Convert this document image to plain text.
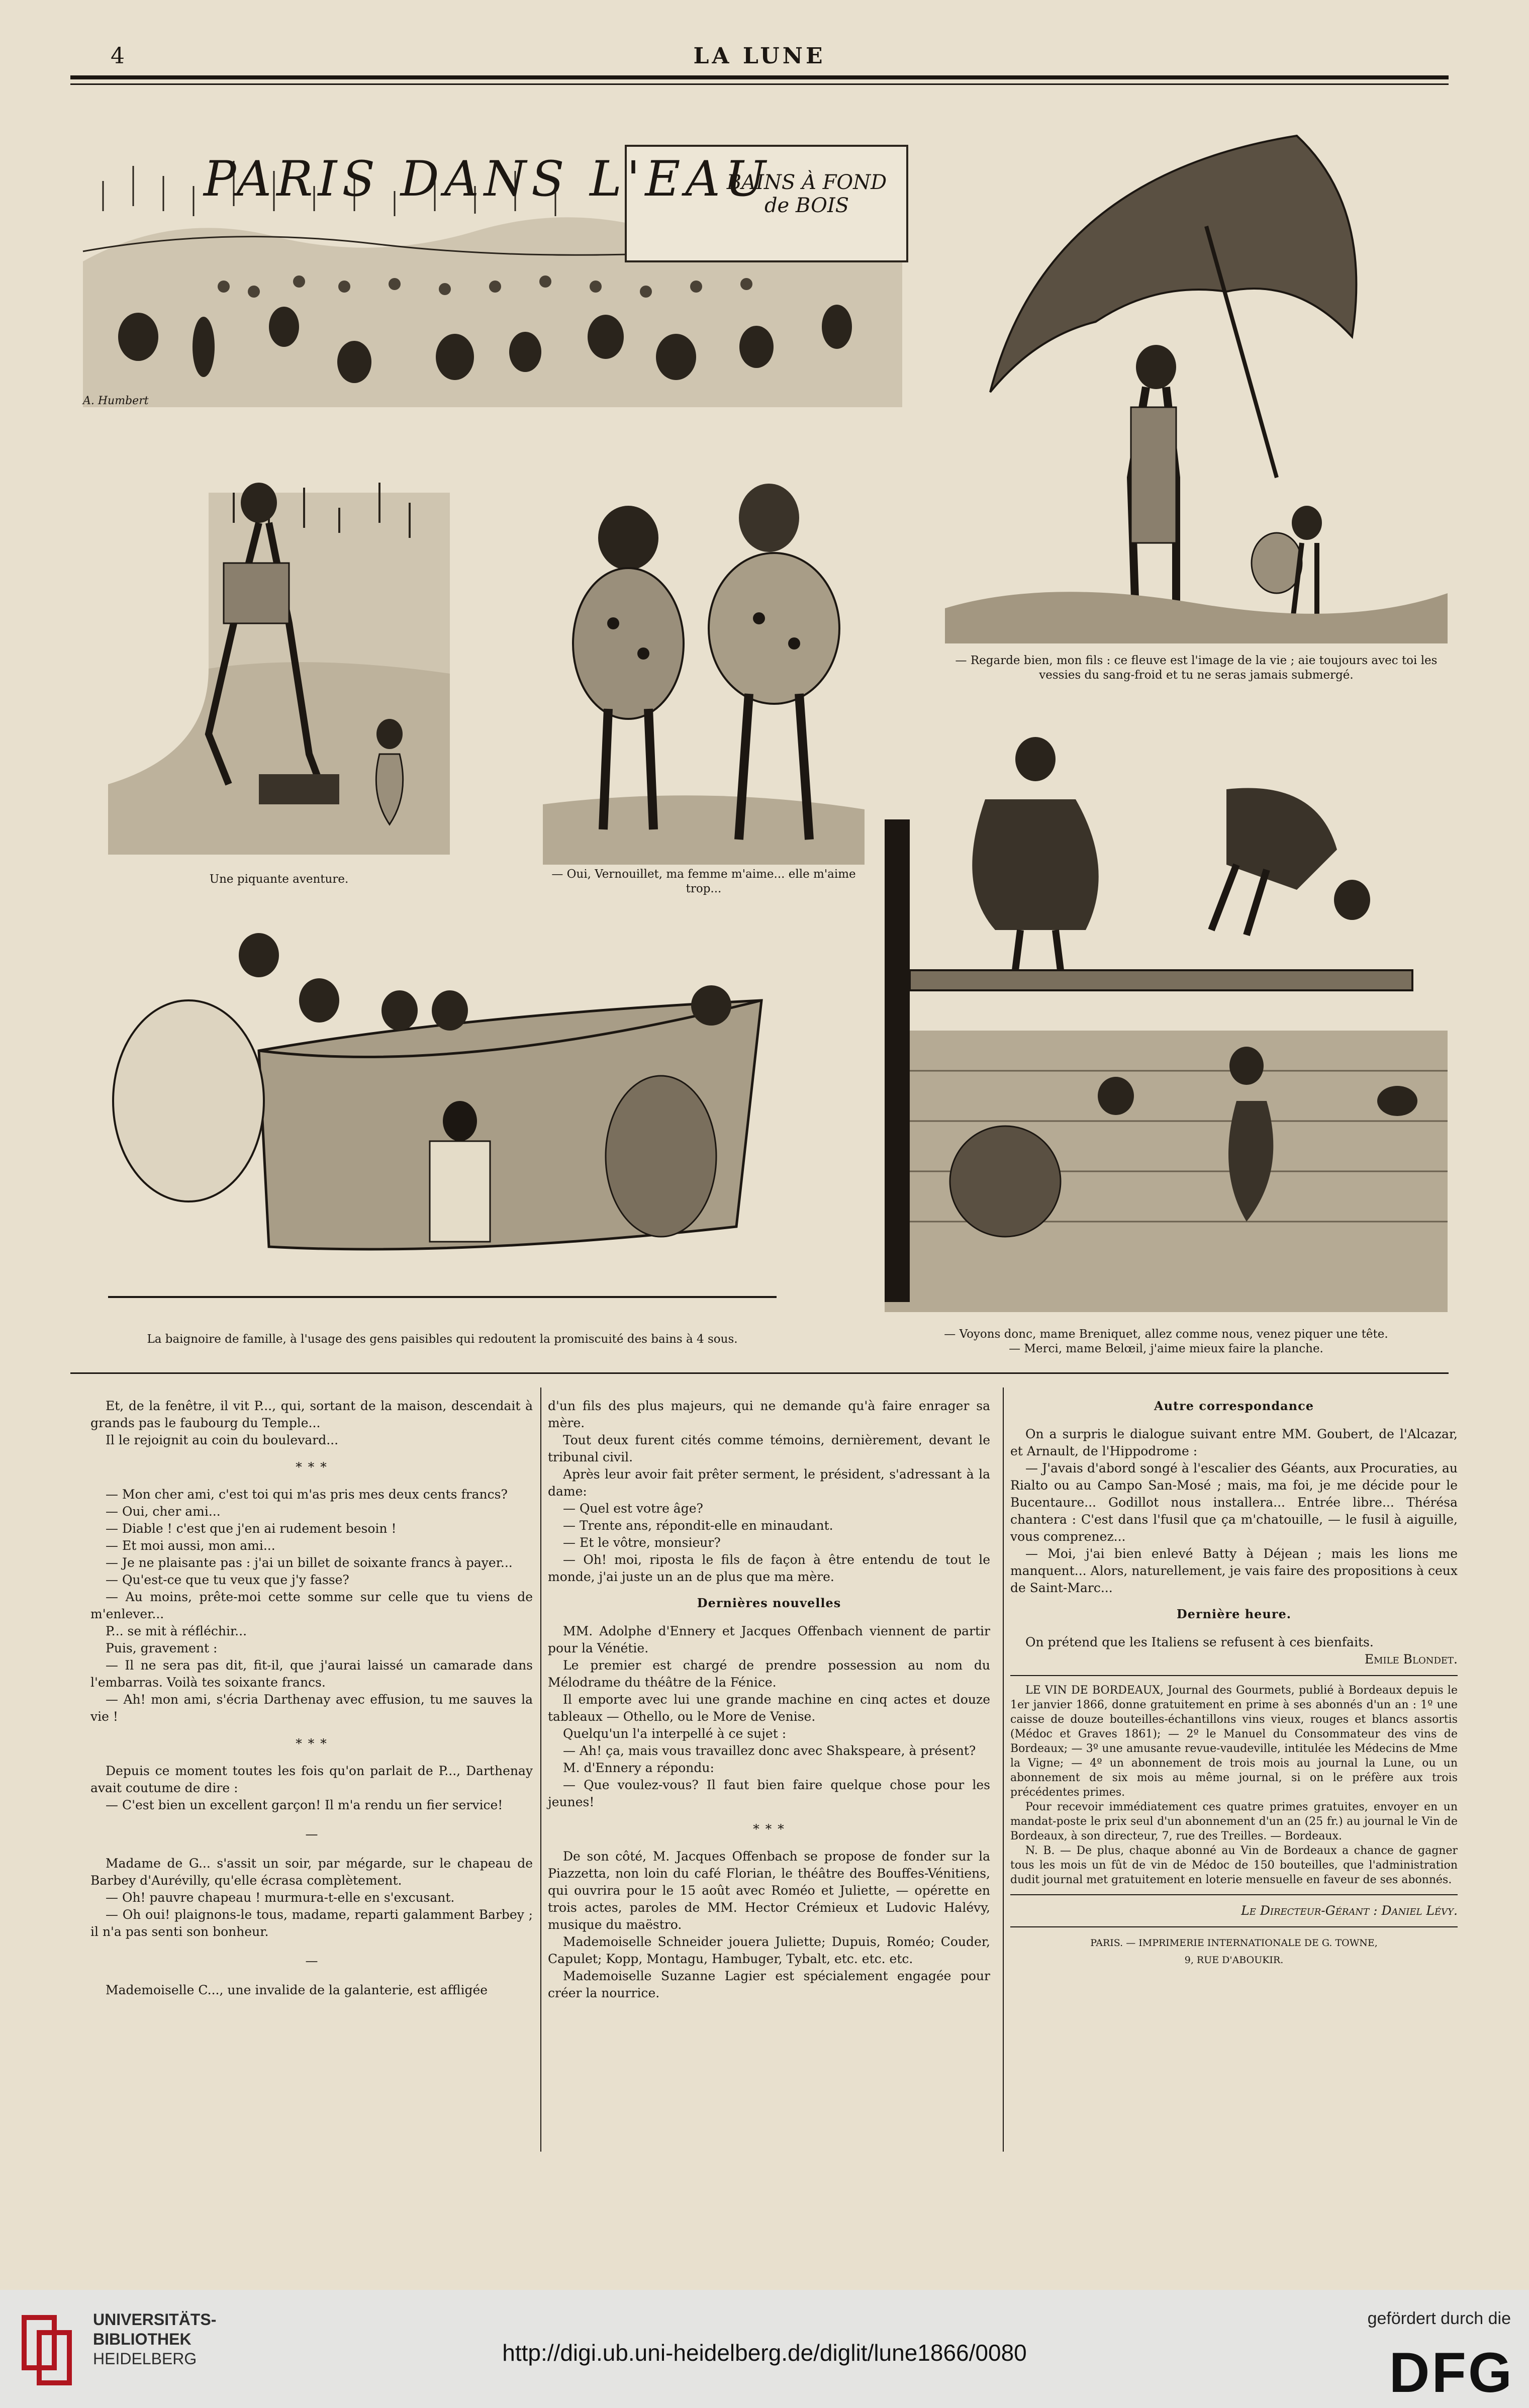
4	LA LUNE
PARIS DANS L'EAU
BAINS À FOND de BOIS
A. Humbert
— Regarde bien, mon fils : ce fleuve est l'image de la vie ; aie toujours avec toi les vessies du sang-froid et tu ne seras jamais submergé.
Une piquante aventure.	— Oui, Vernouillet, ma femme m'aime... elle m'aime trop...
La baignoire de famille, à l'usage des gens paisibles qui redoutent la promiscuité des bains à 4 sous.	— Voyons donc, mame Breniquet, allez comme nous, venez piquer une tête.
— Merci, mame Belœil, j'aime mieux faire la planche.

Et, de la fenêtre, il vit P..., qui, sortant de la maison, descendait à grands pas le faubourg du Temple...

Il le rejoignit au coin du boulevard...

* * *

— Mon cher ami, c'est toi qui m'as pris mes deux cents francs?

— Oui, cher ami...

— Diable ! c'est que j'en ai rudement besoin !

— Et moi aussi, mon ami...

— Je ne plaisante pas : j'ai un billet de soixante francs à payer...

— Qu'est-ce que tu veux que j'y fasse?

— Au moins, prête-moi cette somme sur celle que tu viens de m'enlever...

P... se mit à réfléchir...

Puis, gravement :

— Il ne sera pas dit, fit-il, que j'aurai laissé un camarade dans l'embarras. Voilà tes soixante francs.

— Ah! mon ami, s'écria Darthenay avec effusion, tu me sauves la vie !

* * *

Depuis ce moment toutes les fois qu'on parlait de P..., Darthenay avait coutume de dire :

— C'est bien un excellent garçon! Il m'a rendu un fier service!

—

Madame de G... s'assit un soir, par mégarde, sur le chapeau de Barbey d'Aurévilly, qu'elle écrasa complètement.

— Oh! pauvre chapeau ! murmura-t-elle en s'excusant.

— Oh oui! plaignons-le tous, madame, reparti galamment Barbey ; il n'a pas senti son bonheur.

—

Mademoiselle C..., une invalide de la galanterie, est affligée

d'un fils des plus majeurs, qui ne demande qu'à faire enrager sa mère.

Tout deux furent cités comme témoins, dernièrement, devant le tribunal civil.

Après leur avoir fait prêter serment, le président, s'adressant à la dame:

— Quel est votre âge?

— Trente ans, répondit-elle en minaudant.

— Et le vôtre, monsieur?

— Oh! moi, riposta le fils de façon à être entendu de tout le monde, j'ai juste un an de plus que ma mère.

Dernières nouvelles

MM. Adolphe d'Ennery et Jacques Offenbach viennent de partir pour la Vénétie.

Le premier est chargé de prendre possession au nom du Mélodrame du théâtre de la Fénice.

Il emporte avec lui une grande machine en cinq actes et douze tableaux — Othello, ou le More de Venise.

Quelqu'un l'a interpellé à ce sujet :

— Ah! ça, mais vous travaillez donc avec Shakspeare, à présent?

M. d'Ennery a répondu:

— Que voulez-vous? Il faut bien faire quelque chose pour les jeunes!

* * *

De son côté, M. Jacques Offenbach se propose de fonder sur la Piazzetta, non loin du café Florian, le théâtre des Bouffes-Vénitiens, qui ouvrira pour le 15 août avec Roméo et Juliette, — opérette en trois actes, paroles de MM. Hector Crémieux et Ludovic Halévy, musique du maëstro.

Mademoiselle Schneider jouera Juliette; Dupuis, Roméo; Couder, Capulet; Kopp, Montagu, Hambuger, Tybalt, etc. etc. etc.

Mademoiselle Suzanne Lagier est spécialement engagée pour créer la nourrice.

Autre correspondance

On a surpris le dialogue suivant entre MM. Goubert, de l'Alcazar, et Arnault, de l'Hippodrome :

— J'avais d'abord songé à l'escalier des Géants, aux Procuraties, au Rialto ou au Campo San-Mosé ; mais, ma foi, je me décide pour le Bucentaure... Godillot nous installera... Entrée libre... Thérésa chantera : C'est dans l'fusil que ça m'chatouille, — le fusil à aiguille, vous comprenez...

— Moi, j'ai bien enlevé Batty à Déjean ; mais les lions me manquent... Alors, naturellement, je vais faire des propositions à ceux de Saint-Marc...

Dernière heure.

On prétend que les Italiens se refusent à ces bienfaits.

Emile Blondet.

LE VIN DE BORDEAUX, Journal des Gourmets, publié à Bordeaux depuis le 1er janvier 1866, donne gratuitement en prime à ses abonnés d'un an : 1º une caisse de douze bouteilles-échantillons vins vieux, rouges et blancs assortis (Médoc et Graves 1861); — 2º le Manuel du Consommateur des vins de Bordeaux; — 3º une amusante revue-vaudeville, intitulée les Médecins de Mme la Vigne; — 4º un abonnement de trois mois au journal la Lune, ou un abonnement de six mois au même journal, si on le préfère aux trois précédentes primes.

Pour recevoir immédiatement ces quatre primes gratuites, envoyer en un mandat-poste le prix seul d'un abonnement d'un an (25 fr.) au journal le Vin de Bordeaux, à son directeur, 7, rue des Treilles. — Bordeaux.

N. B. — De plus, chaque abonné au Vin de Bordeaux a chance de gagner tous les mois un fût de vin de Médoc de 150 bouteilles, que l'administration dudit journal met gratuitement en loterie mensuelle en faveur de ses abonnés.

Le Directeur-Gérant : Daniel Lévy.

PARIS. — IMPRIMERIE INTERNATIONALE DE G. TOWNE,

9, RUE D'ABOUKIR.

UNIVERSITÄTS-
BIBLIOTHEK
HEIDELBERG	http://digi.ub.uni-heidelberg.de/diglit/lune1866/0080
gefördert durch die
DFG
